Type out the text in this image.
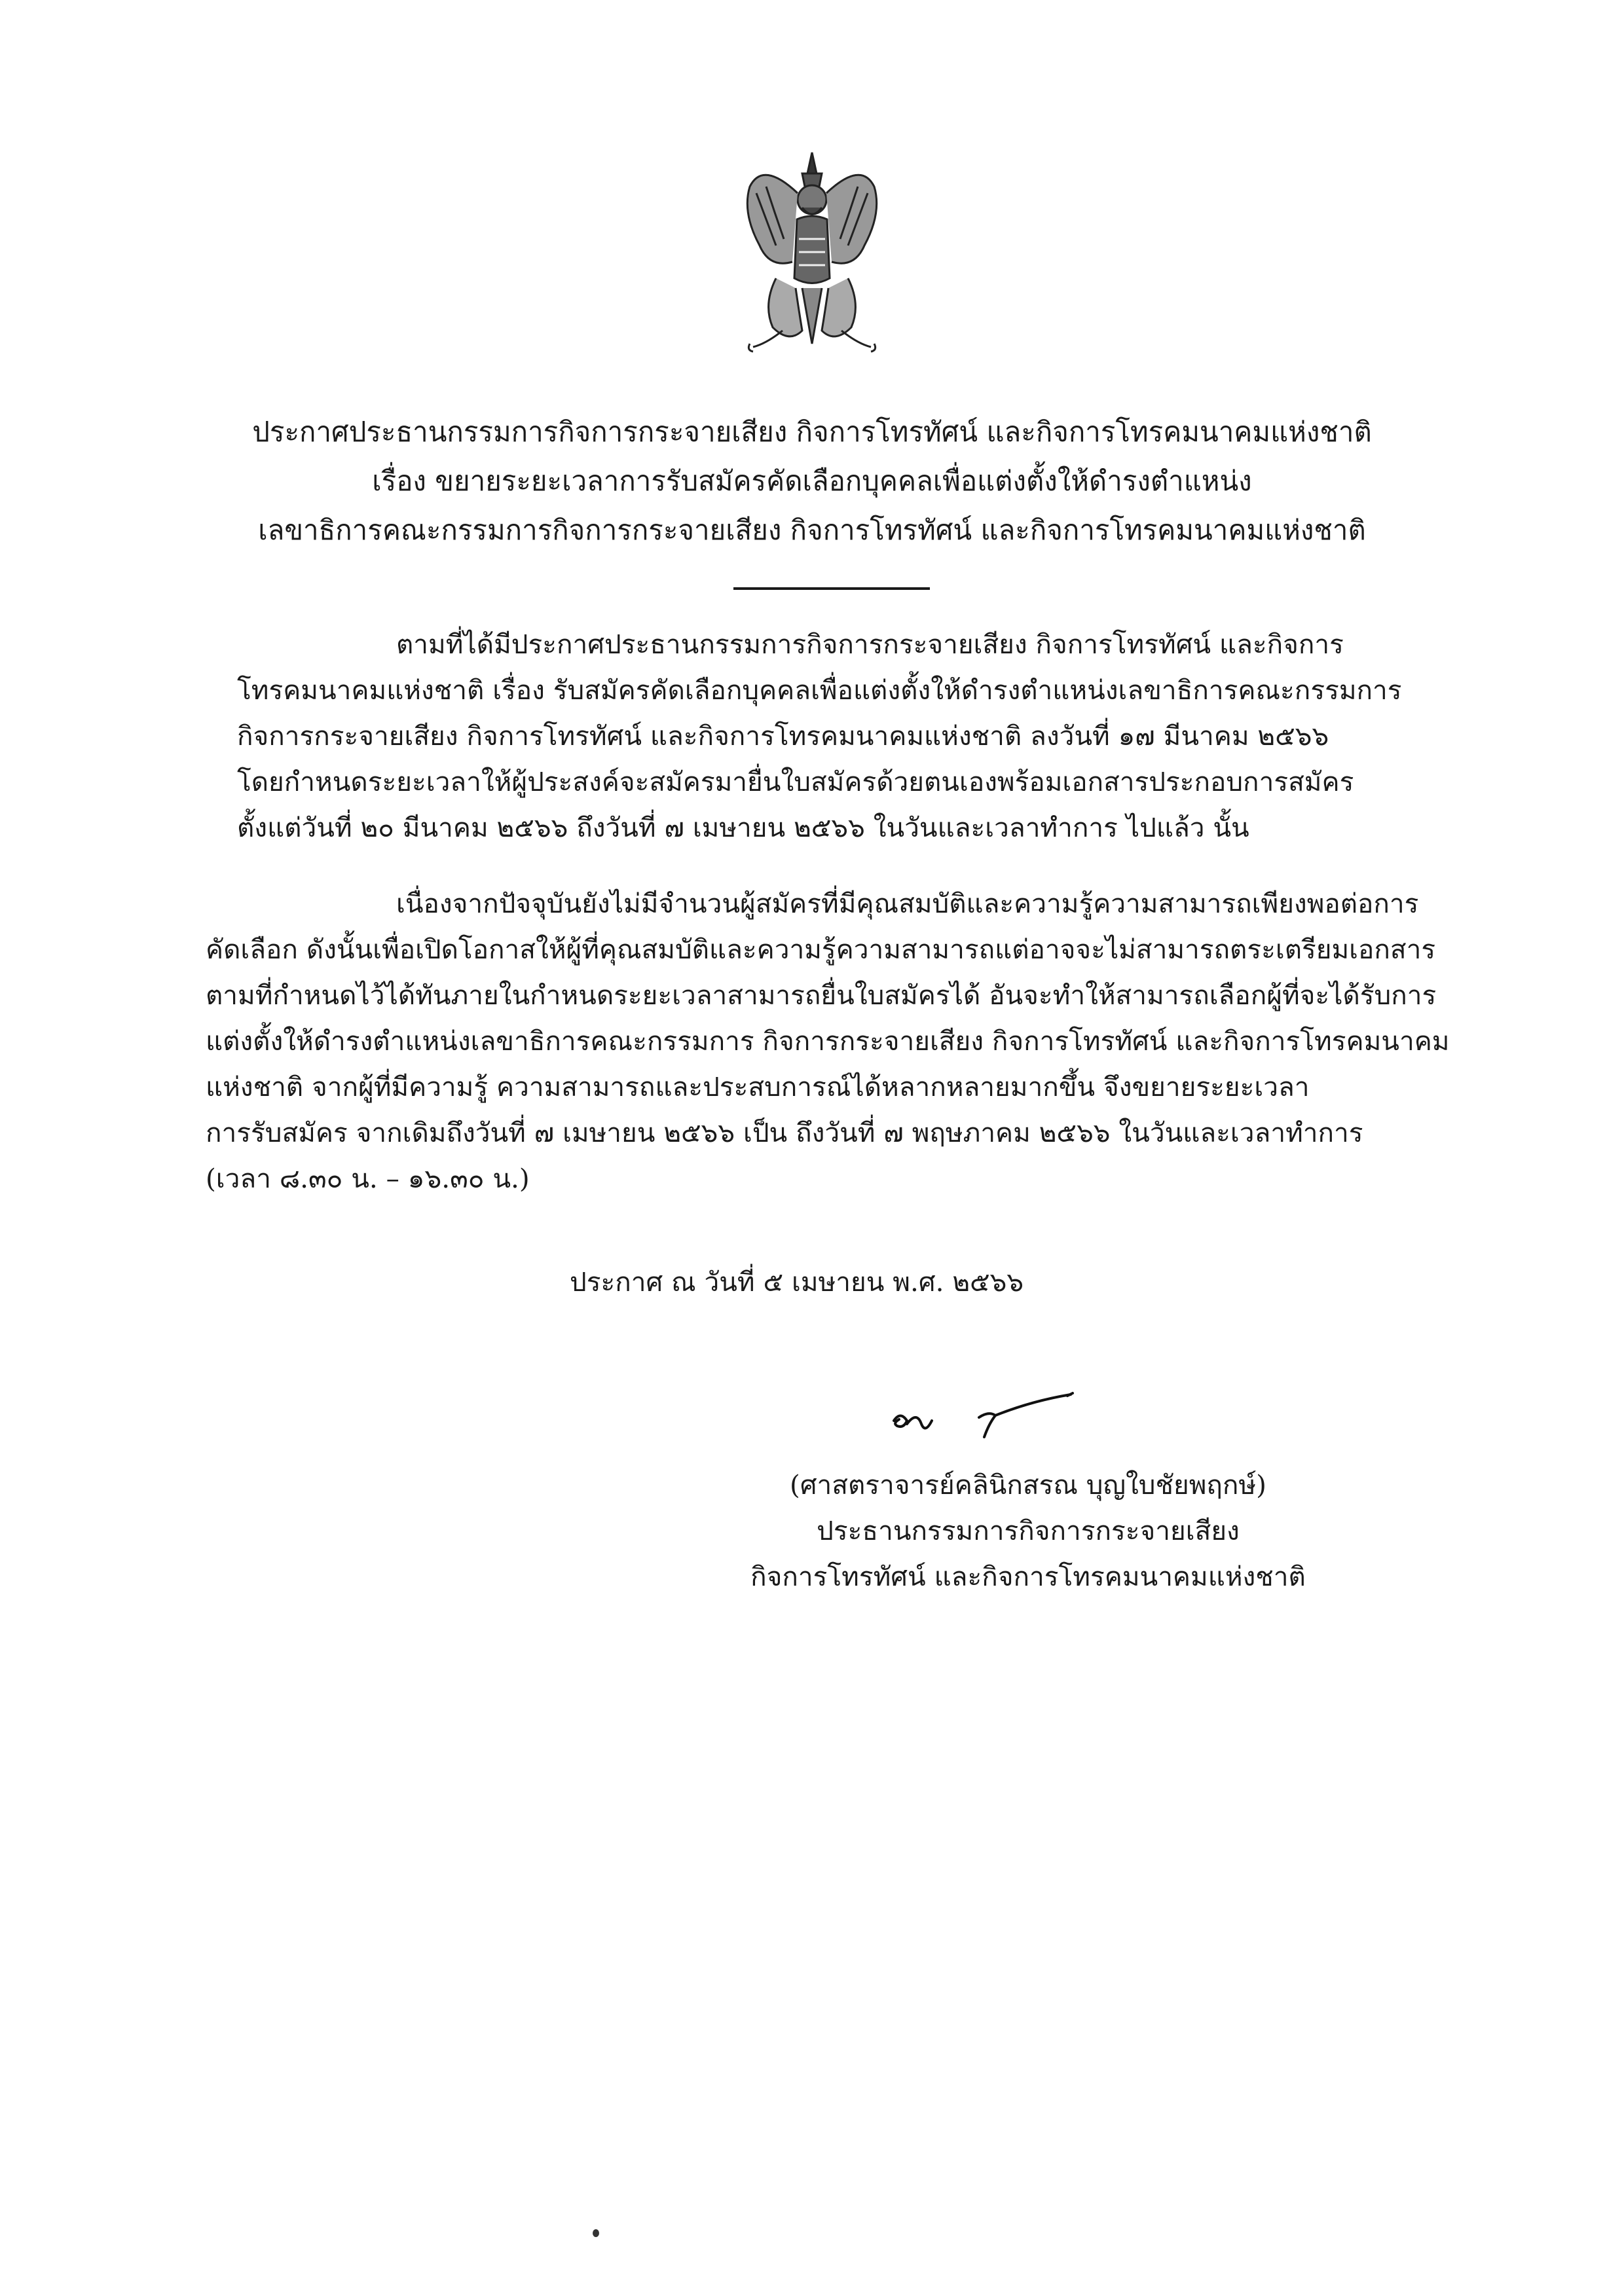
ประกาศประธานกรรมการกิจการกระจายเสียง กิจการโทรทัศน์ และกิจการโทรคมนาคมแห่งชาติ
เรื่อง ขยายระยะเวลาการรับสมัครคัดเลือกบุคคลเพื่อแต่งตั้งให้ดำรงตำแหน่ง
เลขาธิการคณะกรรมการกิจการกระจายเสียง กิจการโทรทัศน์ และกิจการโทรคมนาคมแห่งชาติ
ตามที่ได้มีประกาศประธานกรรมการกิจการกระจายเสียง กิจการโทรทัศน์ และกิจการ
โทรคมนาคมแห่งชาติ เรื่อง รับสมัครคัดเลือกบุคคลเพื่อแต่งตั้งให้ดำรงตำแหน่งเลขาธิการคณะกรรมการ
กิจการกระจายเสียง กิจการโทรทัศน์ และกิจการโทรคมนาคมแห่งชาติ ลงวันที่ ๑๗ มีนาคม ๒๕๖๖
โดยกำหนดระยะเวลาให้ผู้ประสงค์จะสมัครมายื่นใบสมัครด้วยตนเองพร้อมเอกสารประกอบการสมัคร
ตั้งแต่วันที่ ๒๐ มีนาคม ๒๕๖๖ ถึงวันที่ ๗ เมษายน ๒๕๖๖ ในวันและเวลาทำการ ไปแล้ว นั้น
เนื่องจากปัจจุบันยังไม่มีจำนวนผู้สมัครที่มีคุณสมบัติและความรู้ความสามารถเพียงพอต่อการ
คัดเลือก ดังนั้นเพื่อเปิดโอกาสให้ผู้ที่คุณสมบัติและความรู้ความสามารถแต่อาจจะไม่สามารถตระเตรียมเอกสาร
ตามที่กำหนดไว้ได้ทันภายในกำหนดระยะเวลาสามารถยื่นใบสมัครได้ อันจะทำให้สามารถเลือกผู้ที่จะได้รับการ
แต่งตั้งให้ดำรงตำแหน่งเลขาธิการคณะกรรมการ กิจการกระจายเสียง กิจการโทรทัศน์ และกิจการโทรคมนาคม
แห่งชาติ จากผู้ที่มีความรู้ ความสามารถและประสบการณ์ได้หลากหลายมากขึ้น จึงขยายระยะเวลา
การรับสมัคร จากเดิมถึงวันที่ ๗ เมษายน ๒๕๖๖ เป็น ถึงวันที่ ๗ พฤษภาคม ๒๕๖๖ ในวันและเวลาทำการ
(เวลา ๘.๓๐ น. – ๑๖.๓๐ น.)
ประกาศ ณ วันที่ ๕ เมษายน พ.ศ. ๒๕๖๖
(ศาสตราจารย์คลินิกสรณ บุญใบชัยพฤกษ์)
ประธานกรรมการกิจการกระจายเสียง
กิจการโทรทัศน์ และกิจการโทรคมนาคมแห่งชาติ
